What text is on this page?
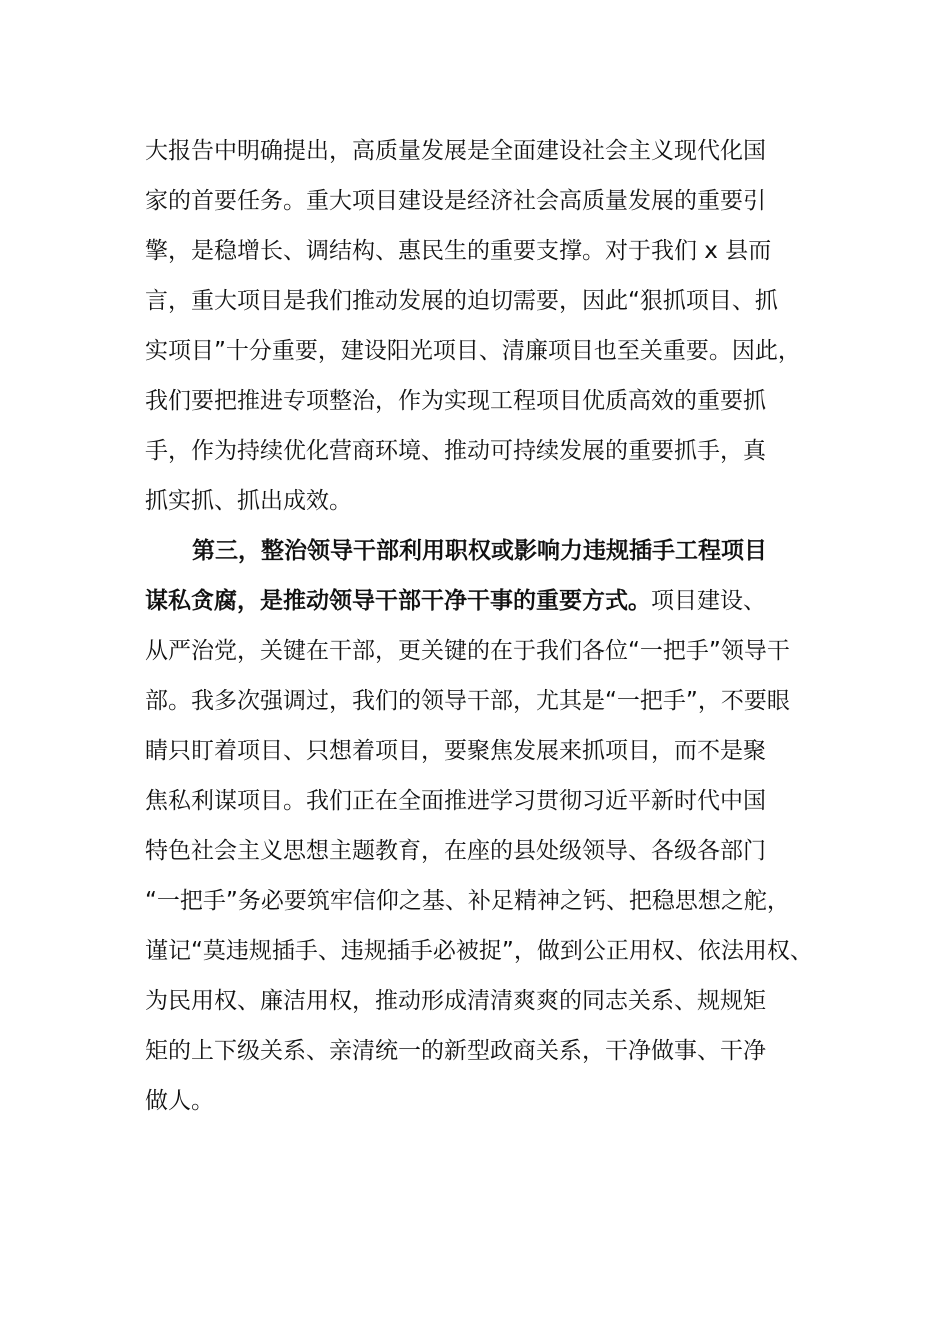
大报告中明确提出，高质量发展是全面建设社会主义现代化国
家的首要任务。重大项目建设是经济社会高质量发展的重要引
擎，是稳增长、调结构、惠民生的重要支撑。对于我们 x 县而
言，重大项目是我们推动发展的迫切需要，因此“狠抓项目、抓
实项目”十分重要，建设阳光项目、清廉项目也至关重要。因此，
我们要把推进专项整治，作为实现工程项目优质高效的重要抓
手，作为持续优化营商环境、推动可持续发展的重要抓手，真
抓实抓、抓出成效。
第三，整治领导干部利用职权或影响力违规插手工程项目
谋私贪腐，是推动领导干部干净干事的重要方式。项目建设、
从严治党，关键在干部，更关键的在于我们各位“一把手”领导干
部。我多次强调过，我们的领导干部，尤其是“一把手”，不要眼
睛只盯着项目、只想着项目，要聚焦发展来抓项目，而不是聚
焦私利谋项目。我们正在全面推进学习贯彻习近平新时代中国
特色社会主义思想主题教育，在座的县处级领导、各级各部门
“一把手”务必要筑牢信仰之基、补足精神之钙、把稳思想之舵，
谨记“莫违规插手、违规插手必被捉”，做到公正用权、依法用权、
为民用权、廉洁用权，推动形成清清爽爽的同志关系、规规矩
矩的上下级关系、亲清统一的新型政商关系，干净做事、干净
做人。
